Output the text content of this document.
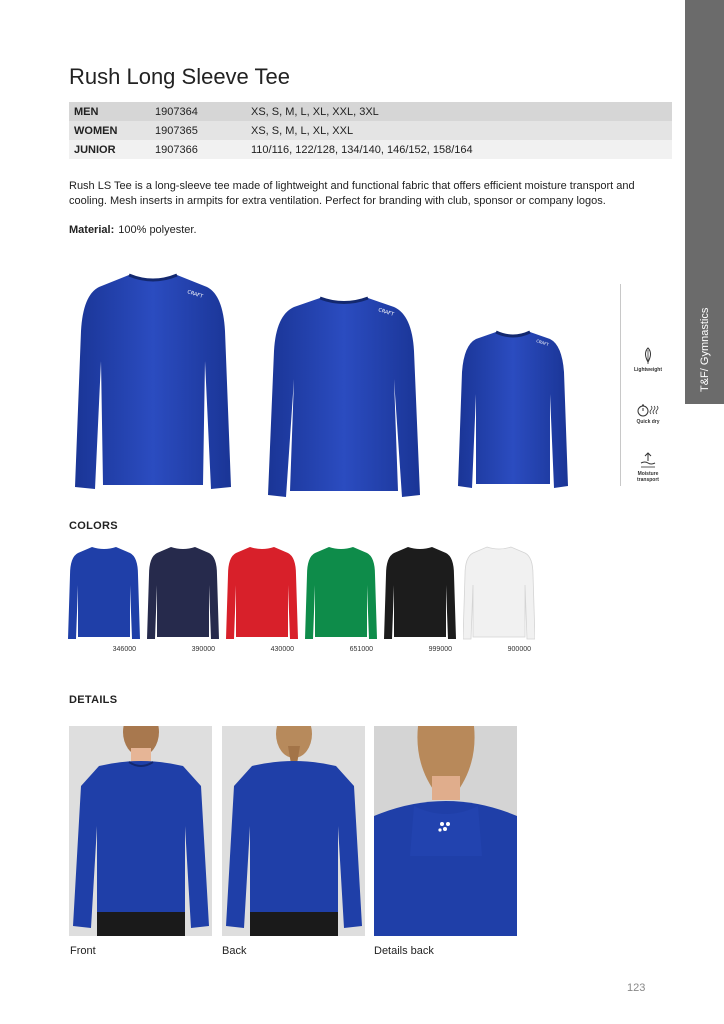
T&F/ Gymnastics
Rush Long Sleeve Tee
MEN	1907364	XS, S, M, L, XL, XXL, 3XL
WOMEN	1907365	XS, S, M, L, XL, XXL
JUNIOR	1907366	110/116, 122/128, 134/140, 146/152, 158/164
Rush LS Tee is a long-sleeve tee made of lightweight and functional fabric that offers efficient moisture transport and cooling. Mesh inserts in armpits for extra ventilation. Perfect for branding with club, sponsor or company logos.
Material: 100% polyester.
CRAFT
CRAFT
CRAFT
Lightweight
Quick dry
Moisture transport
COLORS
346000	390000	430000	651000	999000	900000
DETAILS
Front	Back	Details back
123
